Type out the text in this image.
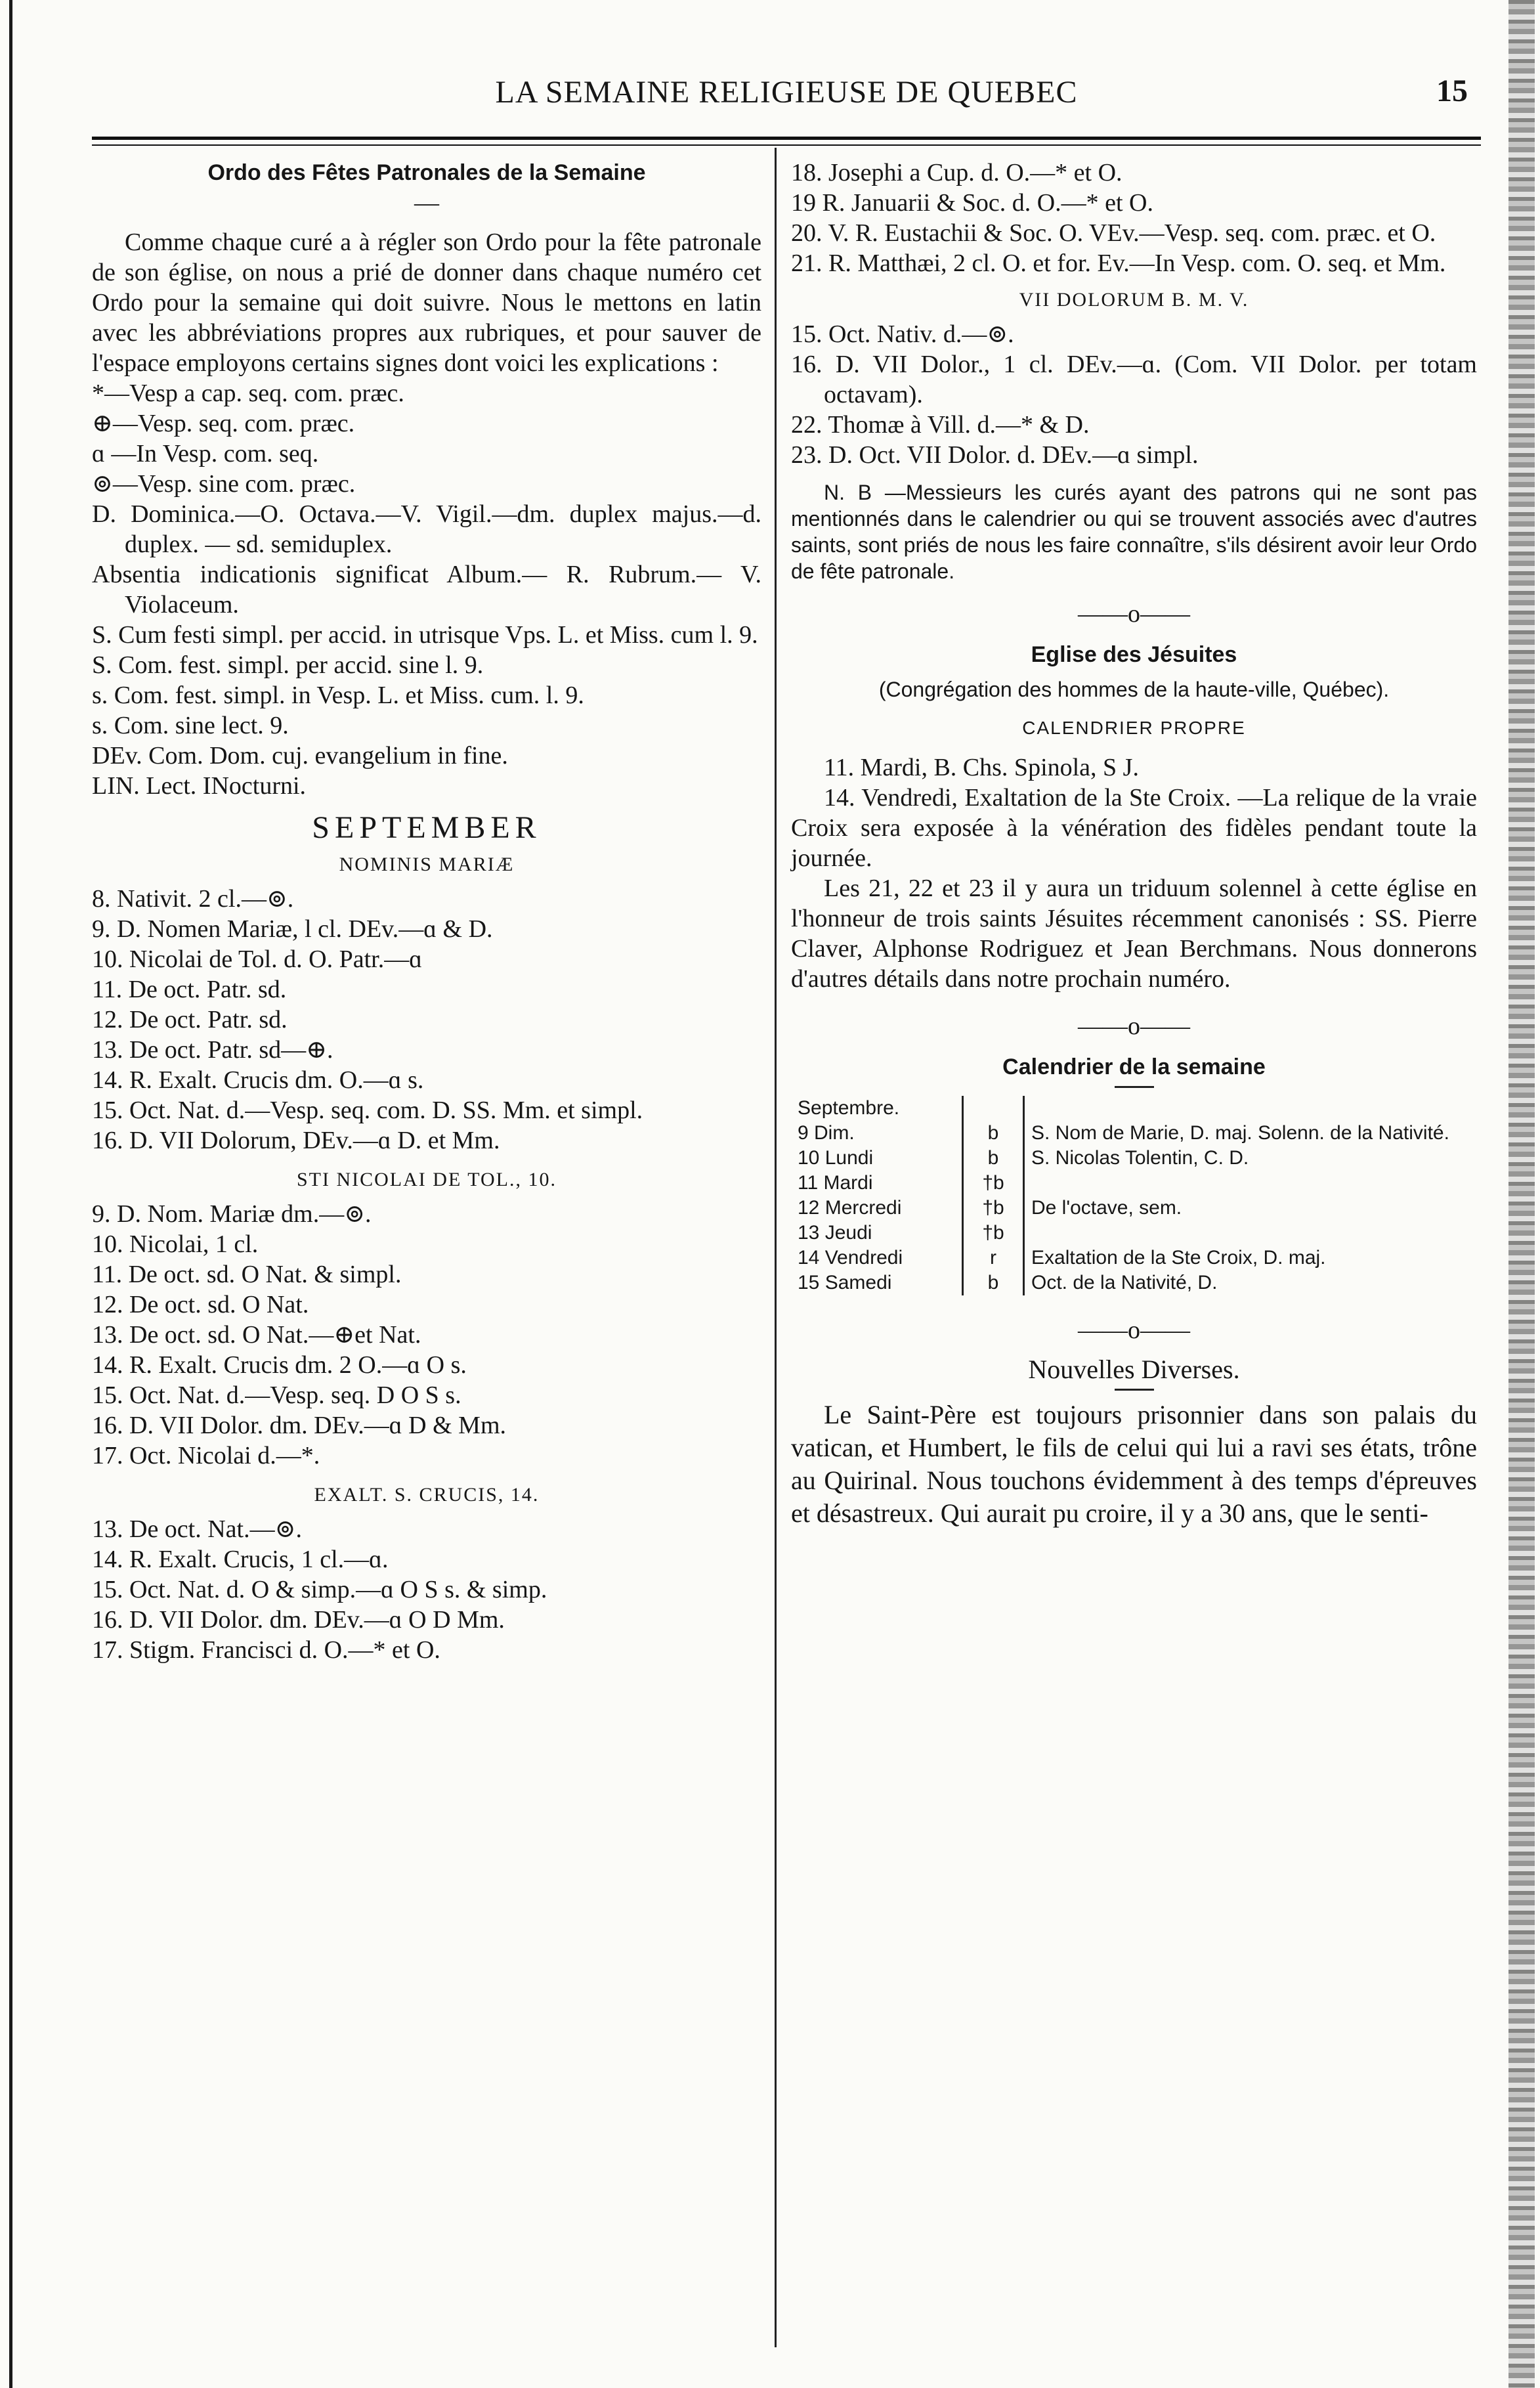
LA SEMAINE RELIGIEUSE DE QUEBEC	15
Ordo des Fêtes Patronales de la Semaine
—
Comme chaque curé a à régler son Ordo pour la fête patronale de son église, on nous a prié de donner dans chaque numéro cet Ordo pour la semaine qui doit suivre. Nous le mettons en latin avec les abbréviations propres aux rubriques, et pour sauver de l'espace employons certains signes dont voici les explications :
*—Vesp a cap. seq. com. præc.
⊕—Vesp. seq. com. præc.
ɑ —In Vesp. com. seq.
⊚—Vesp. sine com. præc.
D. Dominica.—O. Octava.—V. Vigil.—dm. duplex majus.—d. duplex. — sd. semiduplex.
Absentia indicationis significat Album.— R. Rubrum.— V. Violaceum.
S. Cum festi simpl. per accid. in utrisque Vps. L. et Miss. cum l. 9.
S. Com. fest. simpl. per accid. sine l. 9.
s. Com. fest. simpl. in Vesp. L. et Miss. cum. l. 9.
s. Com. sine lect. 9.
DEv. Com. Dom. cuj. evangelium in fine.
LIN. Lect. INocturni.
SEPTEMBER
NOMINIS MARIÆ
8. Nativit. 2 cl.—⊚.
9. D. Nomen Mariæ, l cl. DEv.—ɑ & D.
10. Nicolai de Tol. d. O. Patr.—ɑ
11. De oct. Patr. sd.
12. De oct. Patr. sd.
13. De oct. Patr. sd—⊕.
14. R. Exalt. Crucis dm. O.—ɑ s.
15. Oct. Nat. d.—Vesp. seq. com. D. SS. Mm. et simpl.
16. D. VII Dolorum, DEv.—ɑ D. et Mm.
STI NICOLAI DE TOL., 10.
9. D. Nom. Mariæ dm.—⊚.
10. Nicolai, 1 cl.
11. De oct. sd. O Nat. & simpl.
12. De oct. sd. O Nat.
13. De oct. sd. O Nat.—⊕et Nat.
14. R. Exalt. Crucis dm. 2 O.—ɑ O s.
15. Oct. Nat. d.—Vesp. seq. D O S s.
16. D. VII Dolor. dm. DEv.—ɑ D & Mm.
17. Oct. Nicolai d.—*.
EXALT. S. CRUCIS, 14.
13. De oct. Nat.—⊚.
14. R. Exalt. Crucis, 1 cl.—ɑ.
15. Oct. Nat. d. O & simp.—ɑ O S s. & simp.
16. D. VII Dolor. dm. DEv.—ɑ O D Mm.
17. Stigm. Francisci d. O.—* et O.
18. Josephi a Cup. d. O.—* et O.
19 R. Januarii & Soc. d. O.—* et O.
20. V. R. Eustachii & Soc. O. VEv.—Vesp. seq. com. præc. et O.
21. R. Matthæi, 2 cl. O. et for. Ev.—In Vesp. com. O. seq. et Mm.
VII DOLORUM B. M. V.
15. Oct. Nativ. d.—⊚.
16. D. VII Dolor., 1 cl. DEv.—ɑ. (Com. VII Dolor. per totam octavam).
22. Thomæ à Vill. d.—* & D.
23. D. Oct. VII Dolor. d. DEv.—ɑ simpl.
N. B —Messieurs les curés ayant des patrons qui ne sont pas mentionnés dans le calendrier ou qui se trouvent associés avec d'autres saints, sont priés de nous les faire connaître, s'ils désirent avoir leur Ordo de fête patronale.
——o——
Eglise des Jésuites
(Congrégation des hommes de la haute-ville, Québec).
CALENDRIER PROPRE
11. Mardi, B. Chs. Spinola, S J.
14. Vendredi, Exaltation de la Ste Croix. —La relique de la vraie Croix sera exposée à la vénération des fidèles pendant toute la journée.
Les 21, 22 et 23 il y aura un triduum solennel à cette église en l'honneur de trois saints Jésuites récemment canonisés : SS. Pierre Claver, Alphonse Rodriguez et Jean Berchmans. Nous donnerons d'autres détails dans notre prochain numéro.
——o——
Calendrier de la semaine
Septembre.		
9 Dim.	b	S. Nom de Marie, D. maj. Solenn. de la Nativité.
10 Lundi	b	S. Nicolas Tolentin, C. D.
11 Mardi	†b	
12 Mercredi	†b	De l'octave, sem.
13 Jeudi	†b	
14 Vendredi	r	Exaltation de la Ste Croix, D. maj.
15 Samedi	b	Oct. de la Nativité, D.
——o——
Nouvelles Diverses.
Le Saint-Père est toujours prisonnier dans son palais du vatican, et Humbert, le fils de celui qui lui a ravi ses états, trône au Quirinal. Nous touchons évidemment à des temps d'épreuves et désastreux. Qui aurait pu croire, il y a 30 ans, que le senti-
